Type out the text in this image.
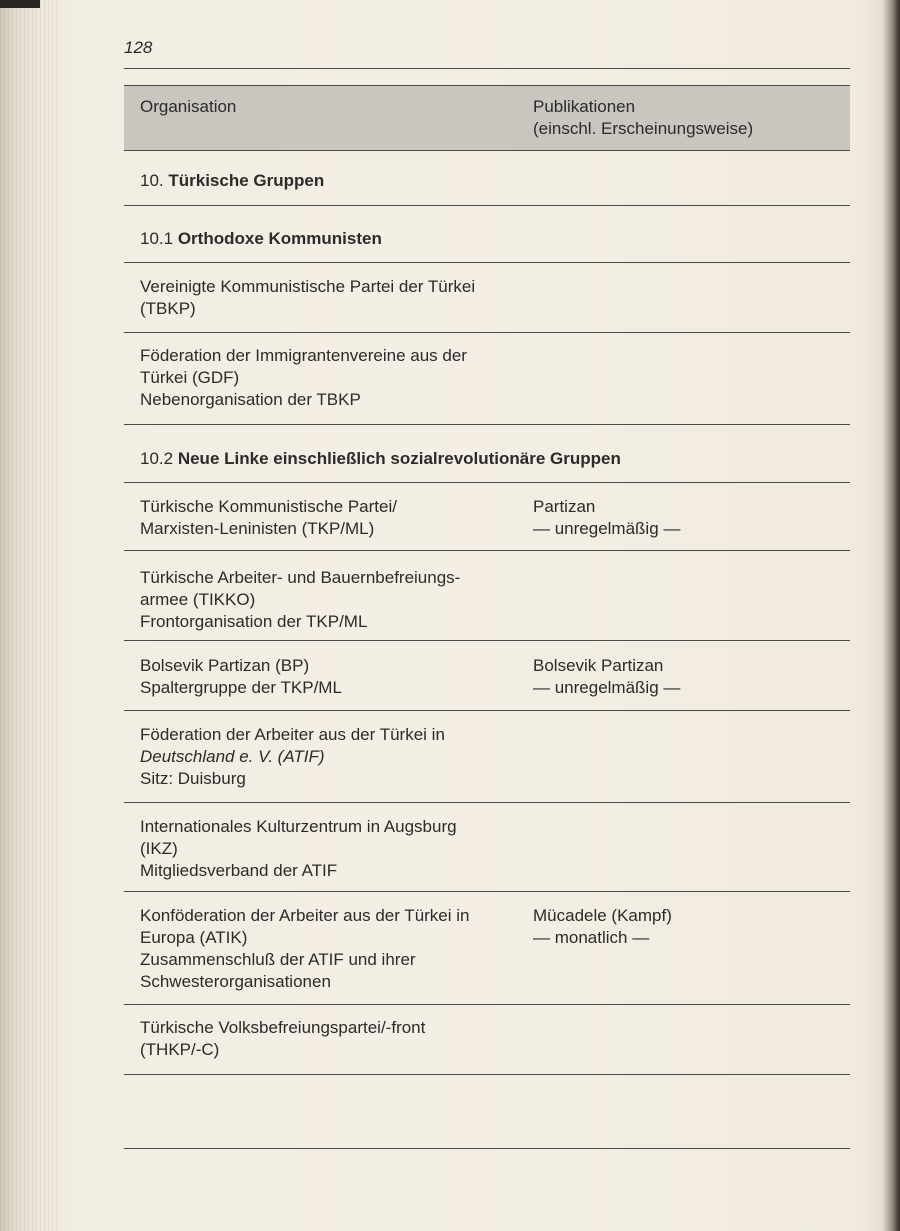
128
Organisation	Publikationen
(einschl. Erscheinungsweise)
10. Türkische Gruppen
10.1 Orthodoxe Kommunisten
Vereinigte Kommunistische Partei der Türkei
(TBKP)
Föderation der Immigrantenvereine aus der
Türkei (GDF)
Nebenorganisation der TBKP
10.2 Neue Linke einschließlich sozialrevolutionäre Gruppen
Türkische Kommunistische Partei/
Marxisten-Leninisten (TKP/ML)
Partizan
— unregelmäßig —
Türkische Arbeiter- und Bauernbefreiungs-
armee (TIKKO)
Frontorganisation der TKP/ML
Bolsevik Partizan (BP)
Spaltergruppe der TKP/ML
Bolsevik Partizan
— unregelmäßig —
Föderation der Arbeiter aus der Türkei in
Deutschland e. V. (ATIF)
Sitz: Duisburg
Internationales Kulturzentrum in Augsburg
(IKZ)
Mitgliedsverband der ATIF
Konföderation der Arbeiter aus der Türkei in
Europa (ATIK)
Zusammenschluß der ATIF und ihrer
Schwesterorganisationen
Mücadele (Kampf)
— monatlich —
Türkische Volksbefreiungspartei/-front
(THKP/-C)
